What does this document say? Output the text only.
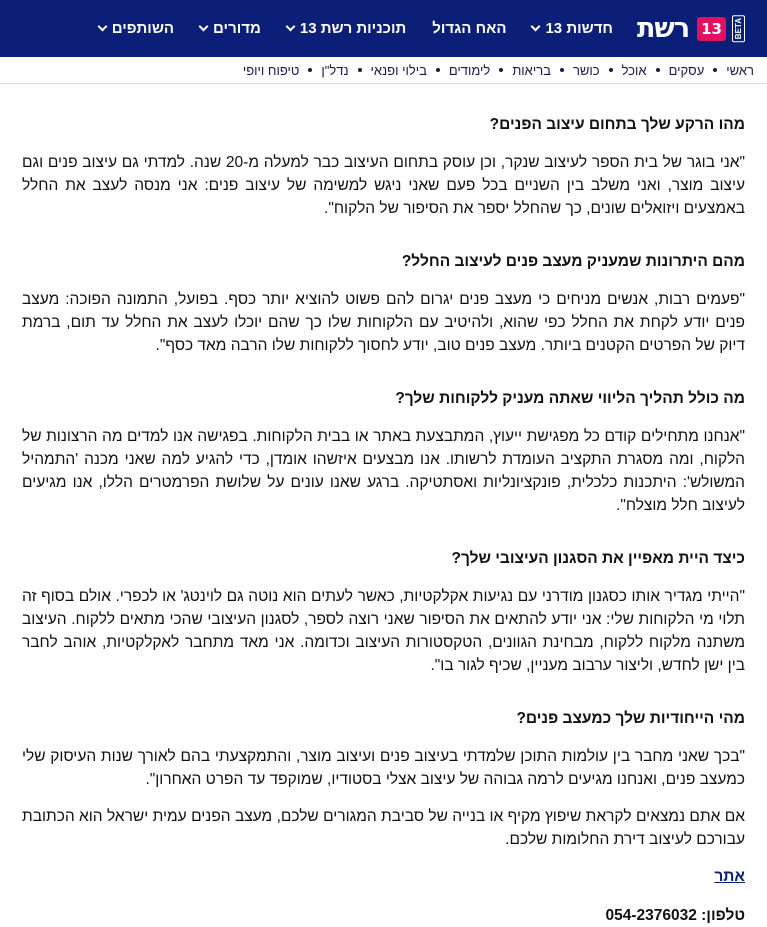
BETA
13
רשת
חדשות 13
האח הגדול
תוכניות רשת 13
מדורים
השותפים
ראשי
עסקים
אוכל
כושר
בריאות
לימודים
בילוי ופנאי
נדל"ן
טיפוח ויופי

מהו הרקע שלך בתחום עיצוב הפנים?

"אני בוגר של בית הספר לעיצוב שנקר, וכן עוסק בתחום העיצוב כבר למעלה מ-20 שנה. למדתי גם עיצוב פנים וגם עיצוב מוצר, ואני משלב בין השניים בכל פעם שאני ניגש למשימה של עיצוב פנים: אני מנסה לעצב את החלל באמצעים ויזואלים שונים, כך שהחלל יספר את הסיפור של הלקוח".

מהם היתרונות שמעניק מעצב פנים לעיצוב החלל?

"פעמים רבות, אנשים מניחים כי מעצב פנים יגרום להם פשוט להוציא יותר כסף. בפועל, התמונה הפוכה: מעצב פנים יודע לקחת את החלל כפי שהוא, ולהיטיב עם הלקוחות שלו כך שהם יוכלו לעצב את החלל עד תום, ברמת דיוק של הפרטים הקטנים ביותר. מעצב פנים טוב, יודע לחסוך ללקוחות שלו הרבה מאד כסף".

מה כולל תהליך הליווי שאתה מעניק ללקוחות שלך?

"אנחנו מתחילים קודם כל מפגישת ייעוץ, המתבצעת באתר או בבית הלקוחות. בפגישה אנו למדים מה הרצונות של הלקוח, ומה מסגרת התקציב העומדת לרשותו. אנו מבצעים איזשהו אומדן, כדי להגיע למה שאני מכנה 'התמהיל המשולש': היתכנות כלכלית, פונקציונליות ואסתטיקה. ברגע שאנו עונים על שלושת הפרמטרים הללו, אנו מגיעים לעיצוב חלל מוצלח".

כיצד היית מאפיין את הסגנון העיצובי שלך?

"הייתי מגדיר אותו כסגנון מודרני עם נגיעות אקלקטיות, כאשר לעתים הוא נוטה גם לוינטג' או לכפרי. אולם בסוף זה תלוי מי הלקוחות שלי: אני יודע להתאים את הסיפור שאני רוצה לספר, לסגנון העיצובי שהכי מתאים ללקוח. העיצוב משתנה מלקוח ללקוח, מבחינת הגוונים, הטקסטורות העיצוב וכדומה. אני מאד מתחבר לאקלקטיות, אוהב לחבר בין ישן לחדש, וליצור ערבוב מעניין, שכיף לגור בו".

מהי הייחודיות שלך כמעצב פנים?

"בכך שאני מחבר בין עולמות התוכן שלמדתי בעיצוב פנים ועיצוב מוצר, והתמקצעתי בהם לאורך שנות העיסוק שלי כמעצב פנים, ואנחנו מגיעים לרמה גבוהה של עיצוב אצלי בסטודיו, שמוקפד עד הפרט האחרון".

אם אתם נמצאים לקראת שיפוץ מקיף או בנייה של סביבת המגורים שלכם, מעצב הפנים עמית ישראל הוא הכתובת עבורכם לעיצוב דירת החלומות שלכם.

אתר

טלפון: 054-2376032
